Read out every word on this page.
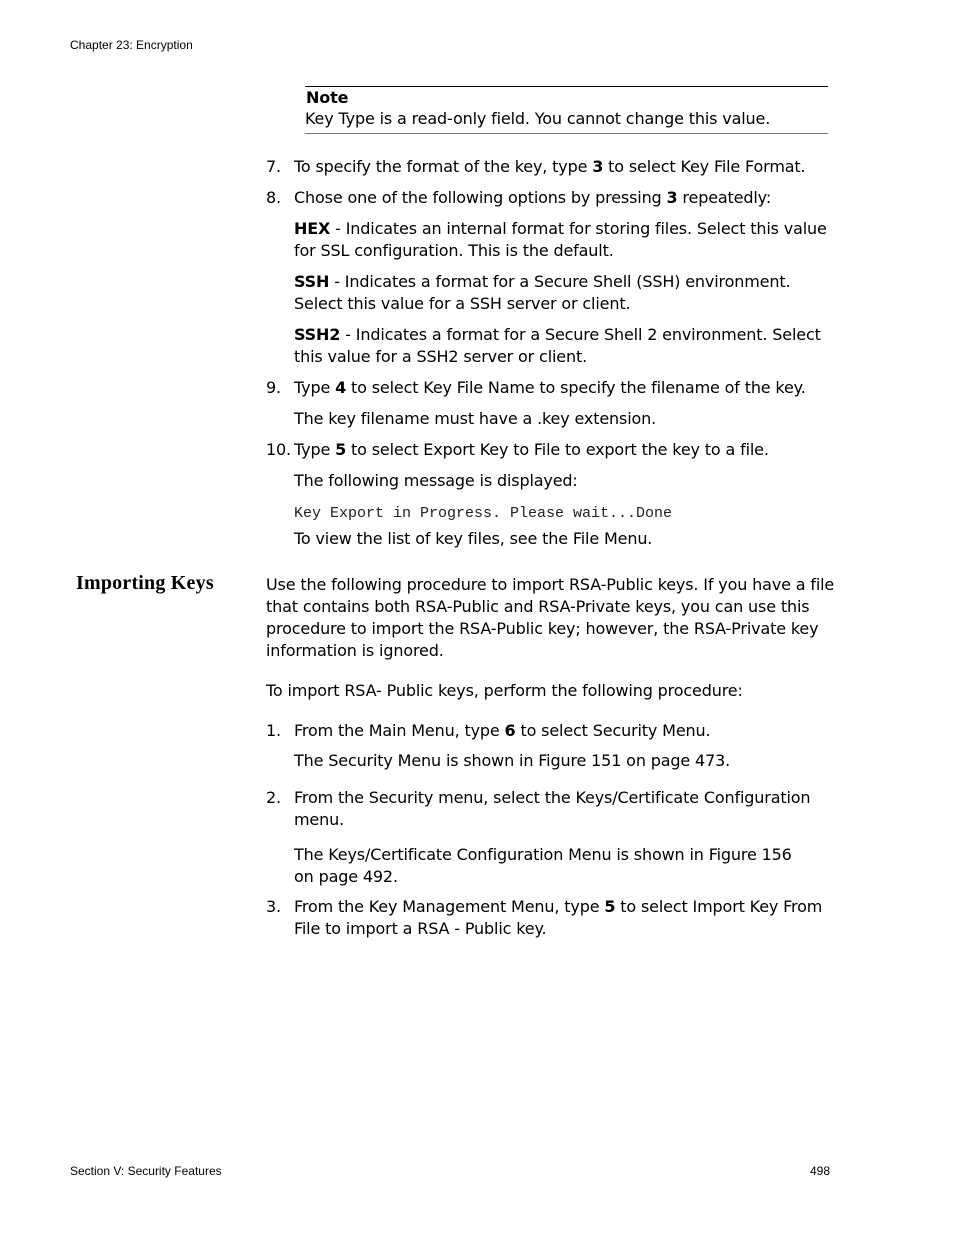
Chapter 23: Encryption
Note
Key Type is a read-only field. You cannot change this value.
7. To specify the format of the key, type 3 to select Key File Format.
8. Chose one of the following options by pressing 3 repeatedly:
HEX - Indicates an internal format for storing files. Select this value
for SSL configuration. This is the default.
SSH - Indicates a format for a Secure Shell (SSH) environment.
Select this value for a SSH server or client.
SSH2 - Indicates a format for a Secure Shell 2 environment. Select
this value for a SSH2 server or client.
9. Type 4 to select Key File Name to specify the filename of the key.
The key filename must have a .key extension.
10. Type 5 to select Export Key to File to export the key to a file.
The following message is displayed:
Key Export in Progress. Please wait...Done
To view the list of key files, see the File Menu.
Importing Keys	Use the following procedure to import RSA-Public keys. If you have a file
that contains both RSA-Public and RSA-Private keys, you can use this
procedure to import the RSA-Public key; however, the RSA-Private key
information is ignored.
To import RSA- Public keys, perform the following procedure:
1. From the Main Menu, type 6 to select Security Menu.
The Security Menu is shown in Figure 151 on page 473.
2. From the Security menu, select the Keys/Certificate Configuration
menu.
The Keys/Certificate Configuration Menu is shown in Figure 156
on page 492.
3. From the Key Management Menu, type 5 to select Import Key From
File to import a RSA - Public key.
Section V: Security Features	498
